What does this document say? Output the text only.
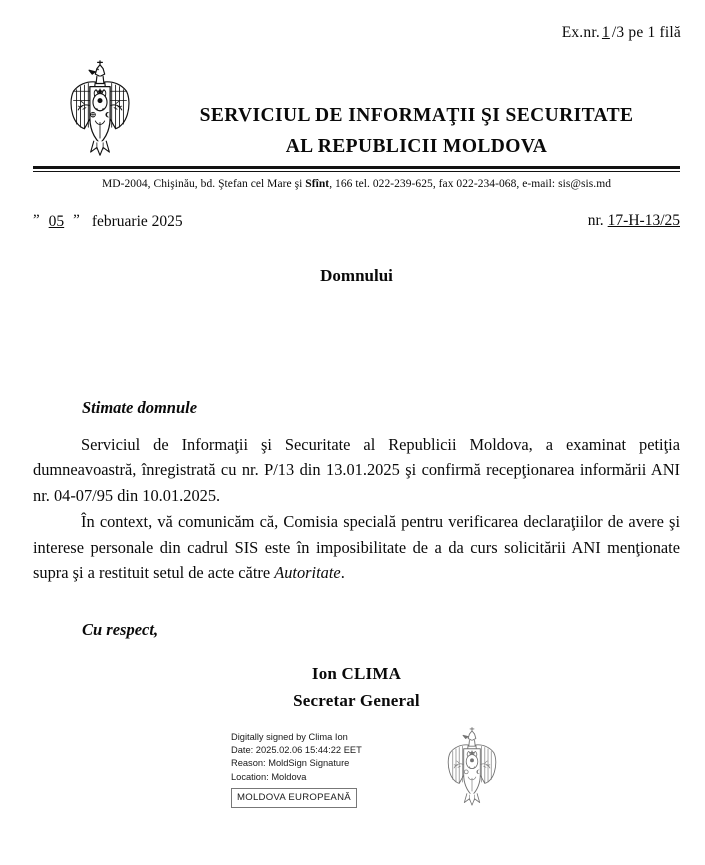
Ex.nr. 1 /3 pe 1 filă
SERVICIUL DE INFORMAŢII ŞI SECURITATE
AL REPUBLICII MOLDOVA
MD-2004, Chişinău, bd. Ştefan cel Mare şi Sfînt, 166 tel. 022-239-625, fax 022-234-068, e-mail: sis@sis.md
” 05 ” februarie 2025	nr. 17-H-13/25
Domnului
Stimate domnule

Serviciul de Informaţii şi Securitate al Republicii Moldova, a examinat petiţia dumneavoastră, înregistrată cu nr. P/13 din 13.01.2025 şi confirmă recepţionarea informării ANI nr. 04-07/95 din 10.01.2025.

În context, vă comunicăm că, Comisia specială pentru verificarea declaraţiilor de avere şi interese personale din cadrul SIS este în imposibilitate de a da curs solicitării ANI menţionate supra şi a restituit setul de acte către Autoritate.

Cu respect,
Ion CLIMA
Secretar General
Digitally signed by Clima Ion
Date: 2025.02.06 15:44:22 EET
Reason: MoldSign Signature
Location: Moldova
MOLDOVA EUROPEANĂ
